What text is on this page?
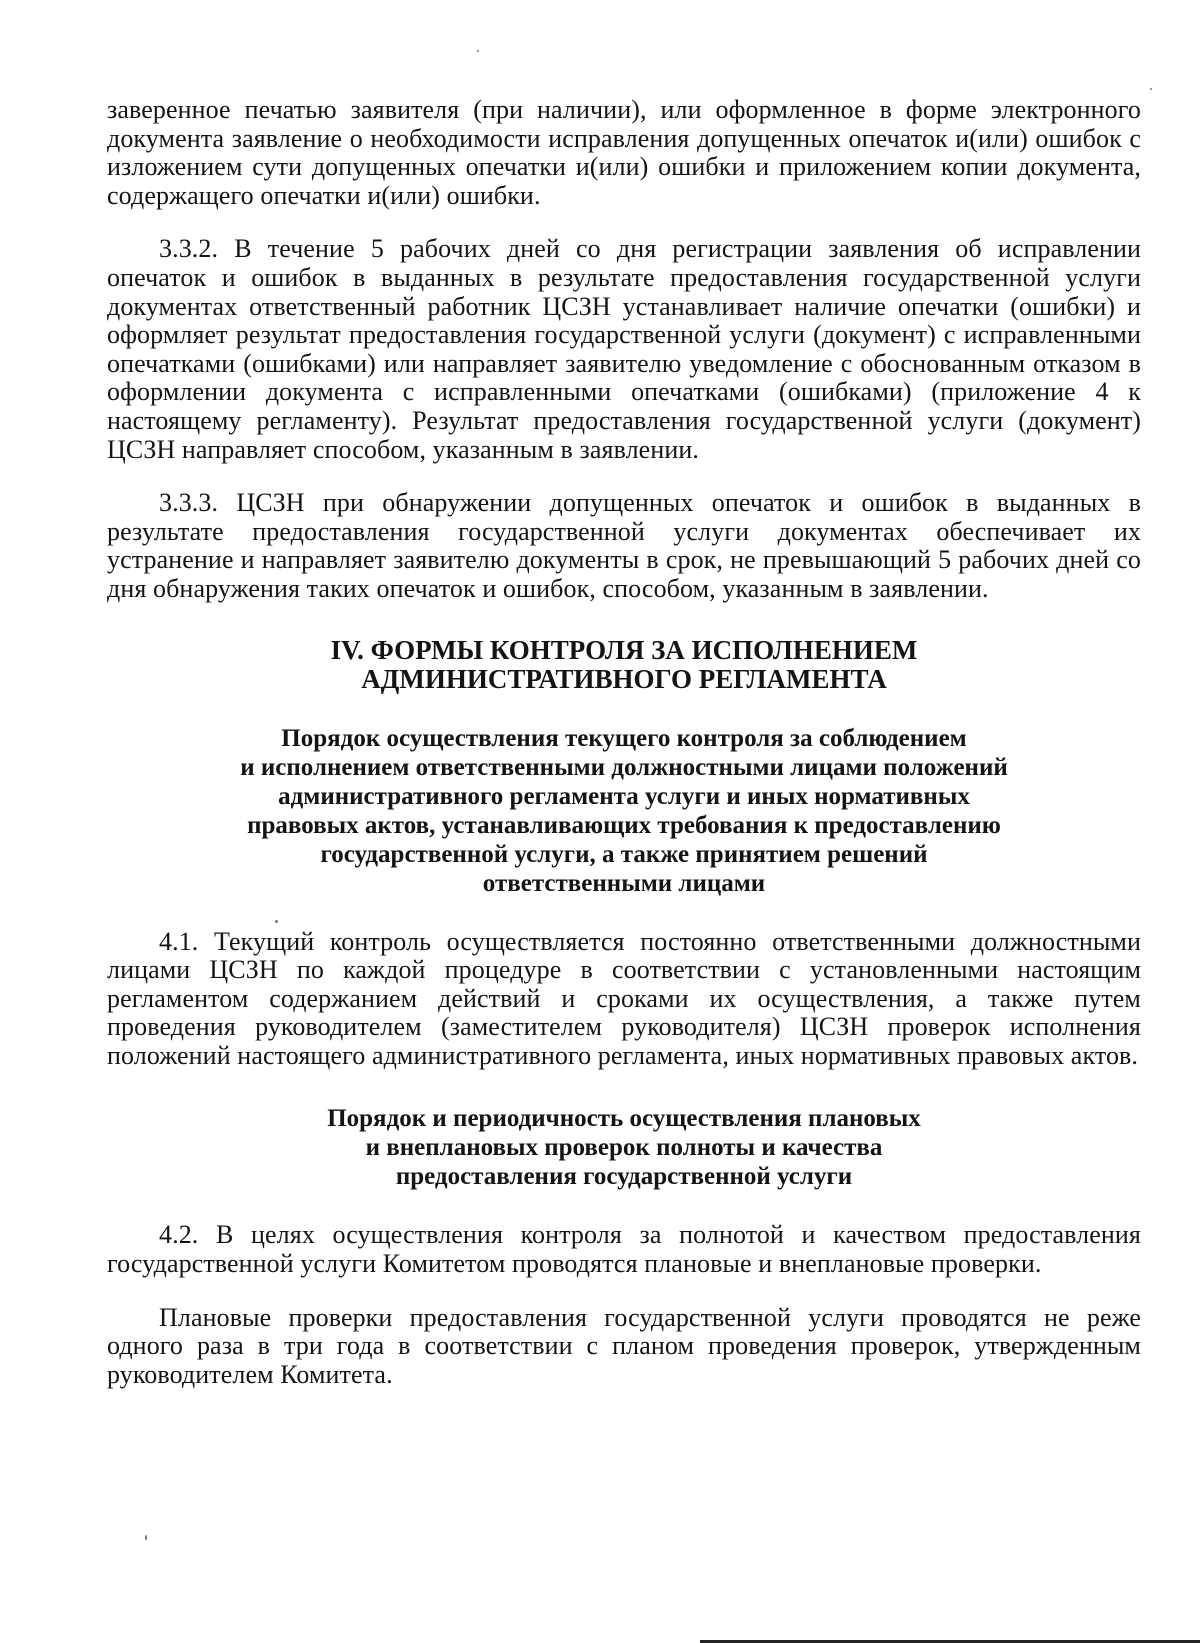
заверенное печатью заявителя (при наличии), или оформленное в форме электронного документа заявление о необходимости исправления допущенных опечаток и(или) ошибок с изложением сути допущенных опечатки и(или) ошибки и приложением копии документа, содержащего опечатки и(или) ошибки.

3.3.2. В течение 5 рабочих дней со дня регистрации заявления об исправлении опечаток и ошибок в выданных в результате предоставления государственной услуги документах ответственный работник ЦСЗН устанавливает наличие опечатки (ошибки) и оформляет результат предоставления государственной услуги (документ) с исправленными опечатками (ошибками) или направляет заявителю уведомление с обоснованным отказом в оформлении документа с исправленными опечатками (ошибками) (приложение 4 к настоящему регламенту). Результат предоставления государственной услуги (документ) ЦСЗН направляет способом, указанным в заявлении.

3.3.3. ЦСЗН при обнаружении допущенных опечаток и ошибок в выданных в результате предоставления государственной услуги документах обеспечивает их устранение и направляет заявителю документы в срок, не превышающий 5 рабочих дней со дня обнаружения таких опечаток и ошибок, способом, указанным в заявлении.

IV. ФОРМЫ КОНТРОЛЯ ЗА ИСПОЛНЕНИЕМ
АДМИНИСТРАТИВНОГО РЕГЛАМЕНТА
Порядок осуществления текущего контроля за соблюдением
и исполнением ответственными должностными лицами положений
административного регламента услуги и иных нормативных
правовых актов, устанавливающих требования к предоставлению
государственной услуги, а также принятием решений
ответственными лицами

4.1. Текущий контроль осуществляется постоянно ответственными должностными лицами ЦСЗН по каждой процедуре в соответствии с установленными настоящим регламентом содержанием действий и сроками их осуществления, а также путем проведения руководителем (заместителем руководителя) ЦСЗН проверок исполнения положений настоящего административного регламента, иных нормативных правовых актов.

Порядок и периодичность осуществления плановых
и внеплановых проверок полноты и качества
предоставления государственной услуги

4.2. В целях осуществления контроля за полнотой и качеством предоставления государственной услуги Комитетом проводятся плановые и внеплановые проверки.

Плановые проверки предоставления государственной услуги проводятся не реже одного раза в три года в соответствии с планом проведения проверок, утвержденным руководителем Комитета.
